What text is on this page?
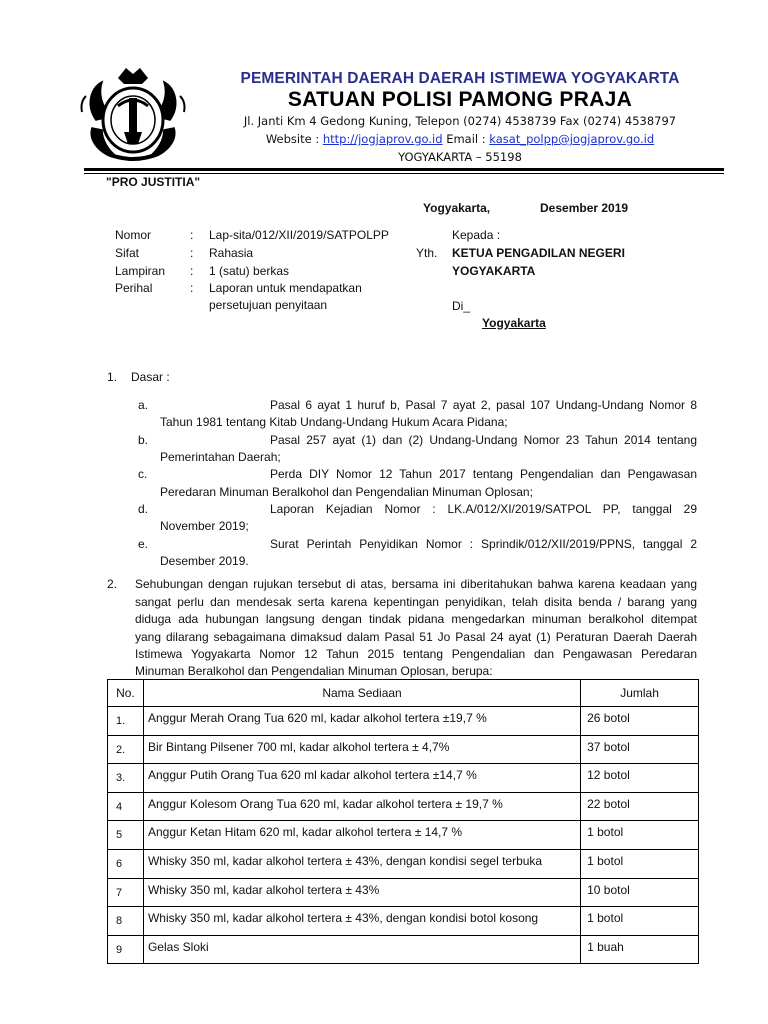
PEMERINTAH DAERAH DAERAH ISTIMEWA YOGYAKARTA
SATUAN POLISI PAMONG PRAJA
Jl. Janti Km 4 Gedong Kuning, Telepon (0274) 4538739 Fax (0274) 4538797
Website : http://jogjaprov.go.id Email : kasat_polpp@jogjaprov.go.id
YOGYAKARTA – 55198
"PRO JUSTITIA"
Yogyakarta,	Desember 2019
Nomor	: Lap-sita/012/XII/2019/SATPOLPP
Sifat	: Rahasia
Lampiran : 1 (satu) berkas
Perihal	: Laporan untuk mendapatkan
persetujuan penyitaan
Kepada :
Yth. KETUA PENGADILAN NEGERI
YOGYAKARTA
Di_
Yogyakarta
1. Dasar :
a.	Pasal 6 ayat 1 huruf b, Pasal 7 ayat 2, pasal 107 Undang-Undang Nomor 8
Tahun 1981 tentang Kitab Undang-Undang Hukum Acara Pidana;
b.	Pasal 257 ayat (1) dan (2) Undang-Undang Nomor 23 Tahun 2014 tentang
Pemerintahan Daerah;
c.	Perda DIY Nomor 12 Tahun 2017 tentang Pengendalian dan Pengawasan
Peredaran Minuman Beralkohol dan Pengendalian Minuman Oplosan;
d.	Laporan Kejadian Nomor : LK.A/012/XI/2019/SATPOL PP, tanggal 29
November 2019;
e.	Surat Perintah Penyidikan Nomor : Sprindik/012/XII/2019/PPNS, tanggal 2
Desember 2019.
2. Sehubungan dengan rujukan tersebut di atas, bersama ini diberitahukan bahwa karena keadaan yang
sangat perlu dan mendesak serta karena kepentingan penyidikan, telah disita benda / barang yang
diduga ada hubungan langsung dengan tindak pidana mengedarkan minuman beralkohol ditempat
yang dilarang sebagaimana dimaksud dalam Pasal 51 Jo Pasal 24 ayat (1) Peraturan Daerah Daerah
Istimewa Yogyakarta Nomor 12 Tahun 2015 tentang Pengendalian dan Pengawasan Peredaran
Minuman Beralkohol dan Pengendalian Minuman Oplosan, berupa:
No.	Nama Sediaan	Jumlah
1.	Anggur Merah Orang Tua 620 ml, kadar alkohol tertera ±19,7 %	26 botol
2.	Bir Bintang Pilsener 700 ml, kadar alkohol tertera ± 4,7%	37 botol
3.	Anggur Putih Orang Tua 620 ml kadar alkohol tertera ±14,7 %	12 botol
4	Anggur Kolesom Orang Tua 620 ml, kadar alkohol tertera ± 19,7 %	22 botol
5	Anggur Ketan Hitam 620 ml, kadar alkohol tertera ± 14,7 %	1 botol
6	Whisky 350 ml, kadar alkohol tertera ± 43%, dengan kondisi segel terbuka	1 botol
7	Whisky 350 ml, kadar alkohol tertera ± 43%	10 botol
8	Whisky 350 ml, kadar alkohol tertera ± 43%, dengan kondisi botol kosong	1 botol
9	Gelas Sloki	1 buah
